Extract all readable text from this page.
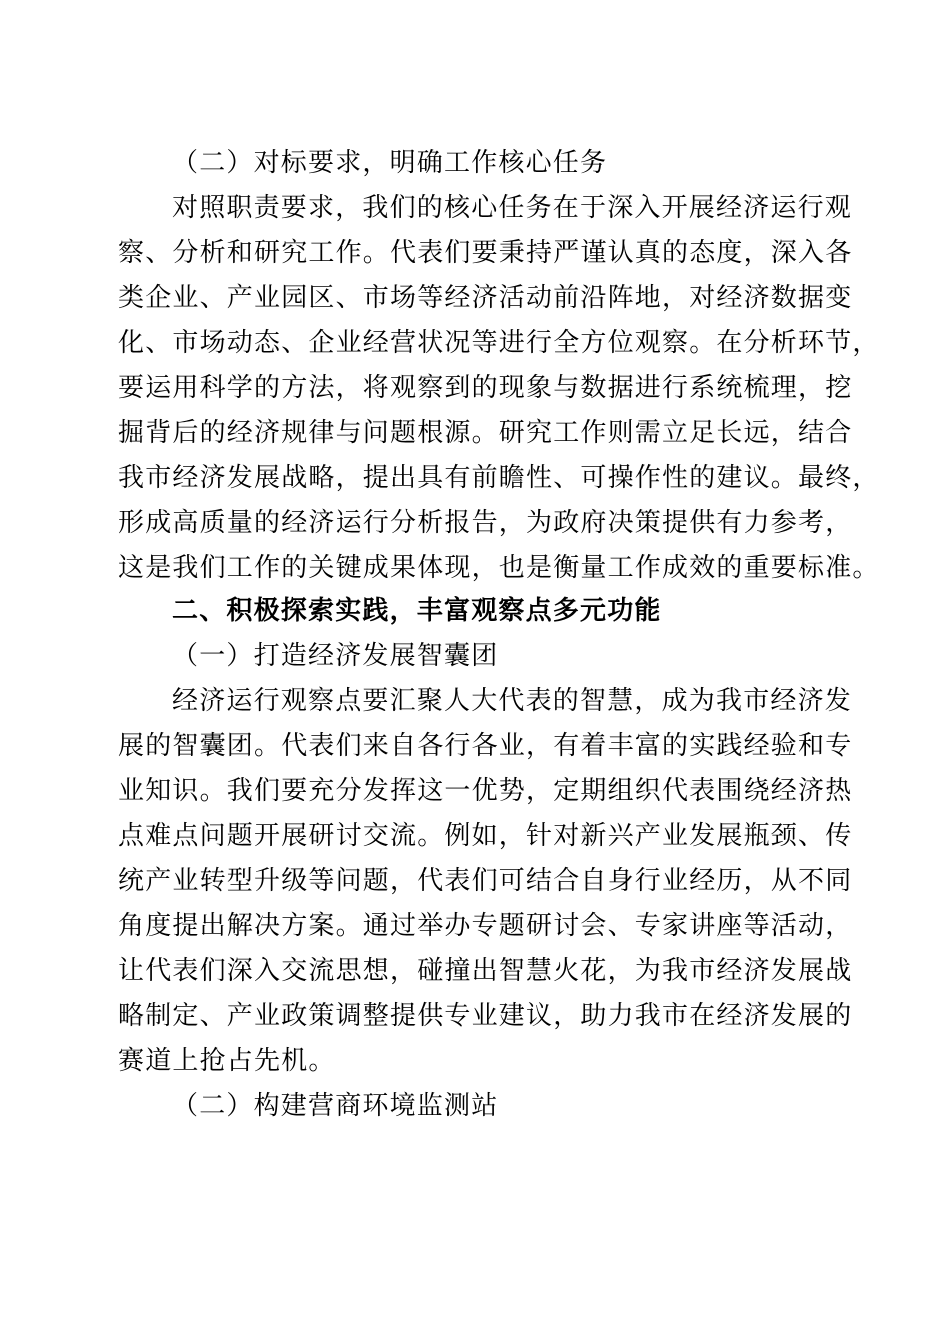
（二）对标要求，明确工作核心任务
对照职责要求，我们的核心任务在于深入开展经济运行观
察、分析和研究工作。代表们要秉持严谨认真的态度，深入各
类企业、产业园区、市场等经济活动前沿阵地，对经济数据变
化、市场动态、企业经营状况等进行全方位观察。在分析环节，
要运用科学的方法，将观察到的现象与数据进行系统梳理，挖
掘背后的经济规律与问题根源。研究工作则需立足长远，结合
我市经济发展战略，提出具有前瞻性、可操作性的建议。最终，
形成高质量的经济运行分析报告，为政府决策提供有力参考，
这是我们工作的关键成果体现，也是衡量工作成效的重要标准。
二、积极探索实践，丰富观察点多元功能
（一）打造经济发展智囊团
经济运行观察点要汇聚人大代表的智慧，成为我市经济发
展的智囊团。代表们来自各行各业，有着丰富的实践经验和专
业知识。我们要充分发挥这一优势，定期组织代表围绕经济热
点难点问题开展研讨交流。例如，针对新兴产业发展瓶颈、传
统产业转型升级等问题，代表们可结合自身行业经历，从不同
角度提出解决方案。通过举办专题研讨会、专家讲座等活动，
让代表们深入交流思想，碰撞出智慧火花，为我市经济发展战
略制定、产业政策调整提供专业建议，助力我市在经济发展的
赛道上抢占先机。
（二）构建营商环境监测站
